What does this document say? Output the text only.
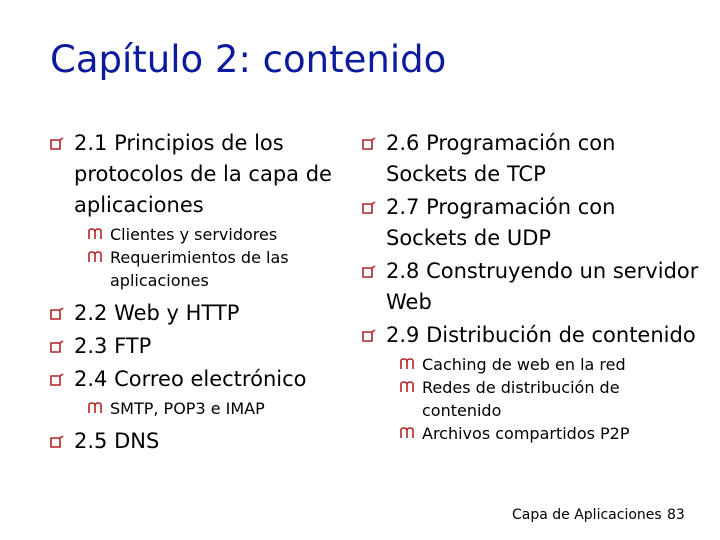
Capítulo 2: contenido
2.1 Principios de los protocolos de la capa de aplicaciones
Clientes y servidores
Requerimientos de las aplicaciones
2.2 Web y HTTP
2.3 FTP
2.4 Correo electrónico
SMTP, POP3 e IMAP
2.5 DNS
2.6 Programación con Sockets de TCP
2.7 Programación con Sockets de UDP
2.8 Construyendo un servidor Web
2.9 Distribución de contenido
Caching de web en la red
Redes de distribución de contenido
Archivos compartidos P2P
Capa de Aplicaciones 83
